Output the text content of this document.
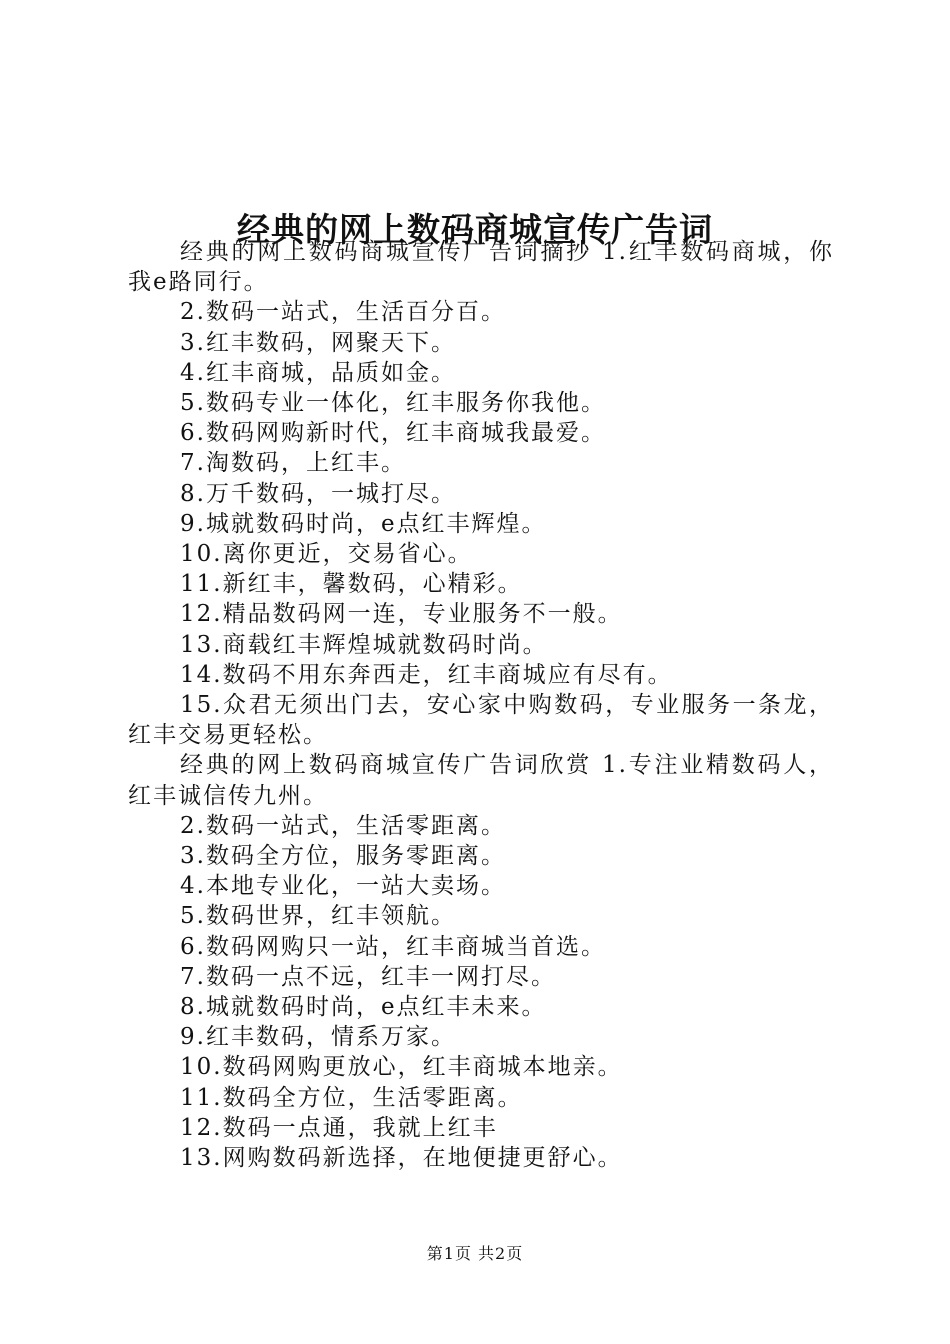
经典的网上数码商城宣传广告词

经典的网上数码商城宣传广告词摘抄 1.红丰数码商城，你我e路同行。

2.数码一站式，生活百分百。

3.红丰数码，网聚天下。

4.红丰商城，品质如金。

5.数码专业一体化，红丰服务你我他。

6.数码网购新时代，红丰商城我最爱。

7.淘数码，上红丰。

8.万千数码，一城打尽。

9.城就数码时尚，e点红丰辉煌。

10.离你更近，交易省心。

11.新红丰，馨数码，心精彩。

12.精品数码网一连，专业服务不一般。

13.商载红丰辉煌城就数码时尚。

14.数码不用东奔西走，红丰商城应有尽有。

15.众君无须出门去，安心家中购数码，专业服务一条龙，红丰交易更轻松。

经典的网上数码商城宣传广告词欣赏 1.专注业精数码人，红丰诚信传九州。

2.数码一站式，生活零距离。

3.数码全方位，服务零距离。

4.本地专业化，一站大卖场。

5.数码世界，红丰领航。

6.数码网购只一站，红丰商城当首选。

7.数码一点不远，红丰一网打尽。

8.城就数码时尚，e点红丰未来。

9.红丰数码，情系万家。

10.数码网购更放心，红丰商城本地亲。

11.数码全方位，生活零距离。

12.数码一点通，我就上红丰

13.网购数码新选择，在地便捷更舒心。

第1页 共2页
